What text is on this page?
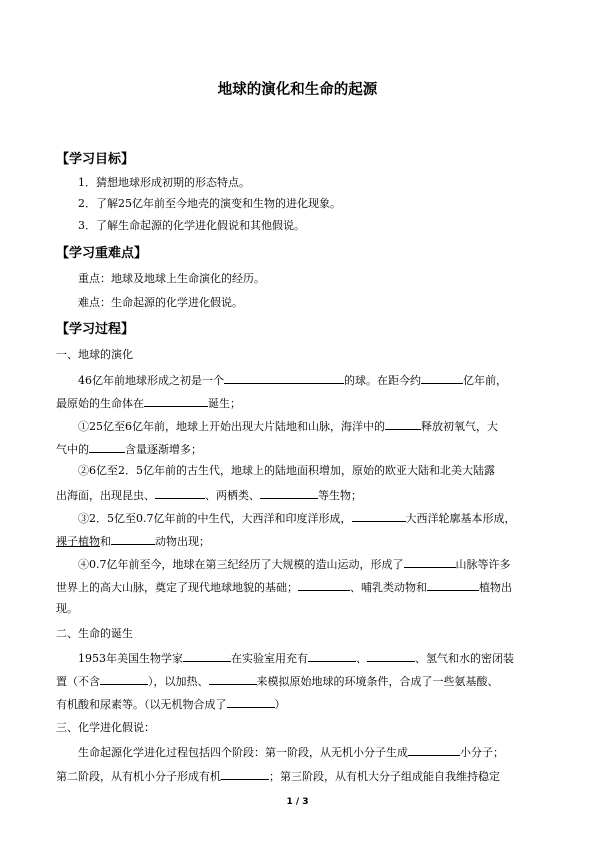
地球的演化和生命的起源
【学习目标】
1．猜想地球形成初期的形态特点。
2．了解25亿年前至今地壳的演变和生物的进化现象。
3．了解生命起源的化学进化假说和其他假说。
【学习重难点】
重点：地球及地球上生命演化的经历。
难点：生命起源的化学进化假说。
【学习过程】
一、地球的演化
46亿年前地球形成之初是一个	的球。在距今约	亿年前，
最原始的生命体在	诞生；
①25亿至6亿年前，地球上开始出现大片陆地和山脉，海洋中的	释放初氧气，大
气中的	含量逐渐增多；
②6亿至2．5亿年前的古生代，地球上的陆地面积增加，原始的欧亚大陆和北美大陆露
出海面，出现昆虫、	、两栖类、	等生物；
③2．5亿至0.7亿年前的中生代，大西洋和印度洋形成，	大西洋轮廓基本形成，
裸子植物和	动物出现；
④0.7亿年前至今，地球在第三纪经历了大规模的造山运动，形成了	山脉等许多
世界上的高大山脉，奠定了现代地球地貌的基础；	、哺乳类动物和	植物出
现。
二、生命的诞生
1953年美国生物学家	在实验室用充有	、	、氢气和水的密闭装
置（不含	），以加热、	来模拟原始地球的环境条件，合成了一些氨基酸、
有机酸和尿素等。（以无机物合成了	）
三、化学进化假说：
生命起源化学进化过程包括四个阶段：第一阶段，从无机小分子生成	小分子；
1 / 3
第二阶段，从有机小分子形成有机	；第三阶段，从有机大分子组成能自我维持稳定
